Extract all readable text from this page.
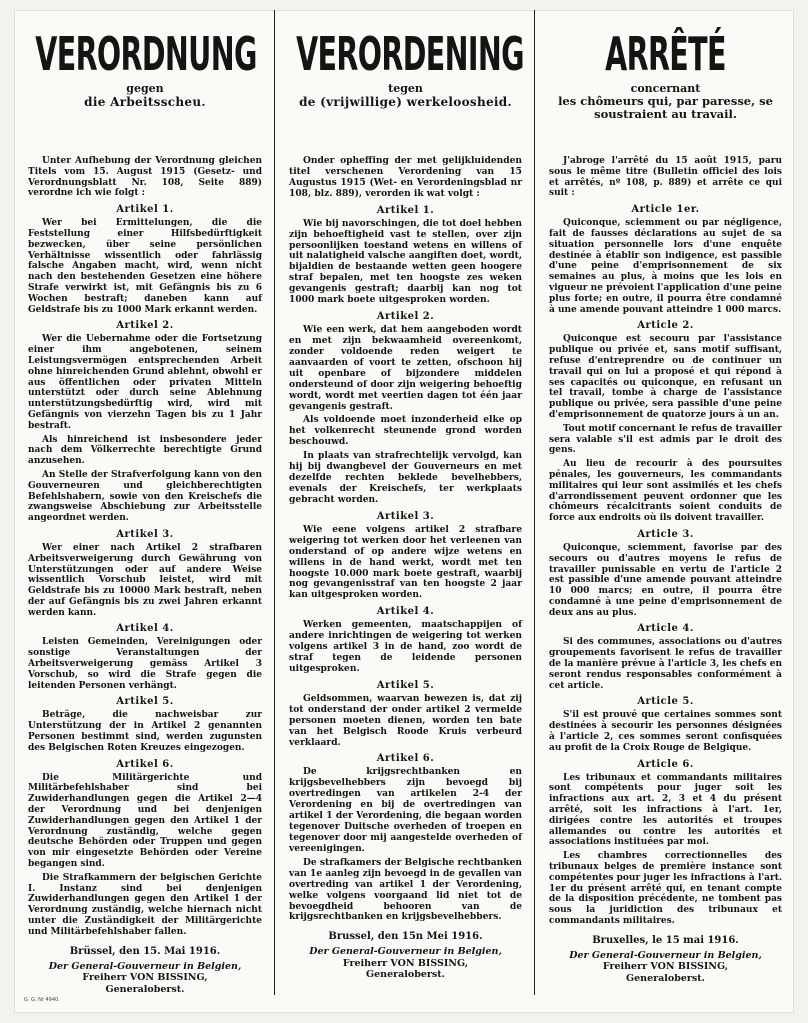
VERORDNUNG
gegen
die Arbeitsscheu.

Unter Aufhebung der Verordnung gleichen Titels vom 15. August 1915 (Gesetz- und Verordnungsblatt Nr. 108, Seite 889) verordne ich wie folgt :

Artikel 1.

Wer bei Ermittelungen, die die Feststellung einer Hilfsbedürftigkeit bezwecken, über seine persönlichen Verhältnisse wissentlich oder fahrlässig falsche Angaben macht, wird, wenn nicht nach den bestehenden Gesetzen eine höhere Strafe verwirkt ist, mit Gefängnis bis zu 6 Wochen bestraft; daneben kann auf Geldstrafe bis zu 1000 Mark erkannt werden.

Artikel 2.

Wer die Uebernahme oder die Fortsetzung einer ihm angebotenen, seinem Leistungsvermögen entsprechenden Arbeit ohne hinreichenden Grund ablehnt, obwohl er aus öffentlichen oder privaten Mitteln unterstützt oder durch seine Ablehnung unterstützungsbedürftig wird, wird mit Gefängnis von vierzehn Tagen bis zu 1 Jahr bestraft.

Als hinreichend ist insbesondere jeder nach dem Völkerrechte berechtigte Grund anzusehen.

An Stelle der Strafverfolgung kann von den Gouverneuren und gleichberechtigten Befehlshabern, sowie von den Kreischefs die zwangsweise Abschiebung zur Arbeitsstelle angeordnet werden.

Artikel 3.

Wer einer nach Artikel 2 strafbaren Arbeitsverweigerung durch Gewährung von Unterstützungen oder auf andere Weise wissentlich Vorschub leistet, wird mit Geldstrafe bis zu 10000 Mark bestraft, neben der auf Gefängnis bis zu zwei Jahren erkannt werden kann.

Artikel 4.

Leisten Gemeinden, Vereinigungen oder sonstige Veranstaltungen der Arbeitsverweigerung gemäss Artikel 3 Vorschub, so wird die Strafe gegen die leitenden Personen verhängt.

Artikel 5.

Beträge, die nachweisbar zur Unterstützung der in Artikel 2 genannten Personen bestimmt sind, werden zugunsten des Belgischen Roten Kreuzes eingezogen.

Artikel 6.

Die Militärgerichte und Militärbefehlshaber sind bei Zuwiderhandlungen gegen die Artikel 2—4 der Verordnung und bei denjenigen Zuwiderhandlungen gegen den Artikel 1 der Verordnung zuständig, welche gegen deutsche Behörden oder Truppen und gegen von mir eingesetzte Behörden oder Vereine begangen sind.

Die Strafkammern der belgischen Gerichte I. Instanz sind bei denjenigen Zuwiderhandlungen gegen den Artikel 1 der Verordnung zuständig, welche hiernach nicht unter die Zuständigkeit der Militärgerichte und Militärbefehlshaber fallen.

Brüssel, den 15. Mai 1916.
Der General-Gouverneur in Belgien,
Freiherr VON BISSING,
Generaloberst.
VERORDENING
tegen
de (vrijwillige) werkeloosheid.

Onder opheffing der met gelijkluidenden titel verschenen Verordening van 15 Augustus 1915 (Wet- en Verordeningsblad nr 108, blz. 889), verorden ik wat volgt :

Artikel 1.

Wie bij navorschingen, die tot doel hebben zijn behoeftigheid vast te stellen, over zijn persoonlijken toestand wetens en willens of uit nalatigheid valsche aangiften doet, wordt, bijaldien de bestaande wetten geen hoogere straf bepalen, met ten hoogste zes weken gevangenis gestraft; daarbij kan nog tot 1000 mark boete uitgesproken worden.

Artikel 2.

Wie een werk, dat hem aangeboden wordt en met zijn bekwaamheid overeenkomt, zonder voldoende reden weigert te aanvaarden of voort te zetten, ofschoon hij uit openbare of bijzondere middelen ondersteund of door zijn weigering behoeftig wordt, wordt met veertien dagen tot één jaar gevangenis gestraft.

Als voldoende moet inzonderheid elke op het volkenrecht steunende grond worden beschouwd.

In plaats van strafrechtelijk vervolgd, kan hij bij dwangbevel der Gouverneurs en met dezelfde rechten beklede bevelhebbers, evenals der Kreischefs, ter werkplaats gebracht worden.

Artikel 3.

Wie eene volgens artikel 2 strafbare weigering tot werken door het verleenen van onderstand of op andere wijze wetens en willens in de hand werkt, wordt met ten hoogste 10.000 mark boete gestraft, waarbij nog gevangenisstraf van ten hoogste 2 jaar kan uitgesproken worden.

Artikel 4.

Werken gemeenten, maatschappijen of andere inrichtingen de weigering tot werken volgens artikel 3 in de hand, zoo wordt de straf tegen de leidende personen uitgesproken.

Artikel 5.

Geldsommen, waarvan bewezen is, dat zij tot onderstand der onder artikel 2 vermelde personen moeten dienen, worden ten bate van het Belgisch Roode Kruis verbeurd verklaard.

Artikel 6.

De krijgsrechtbanken en krijgsbevelhebbers zijn bevoegd bij overtredingen van artikelen 2-4 der Verordening en bij de overtredingen van artikel 1 der Verordening, die begaan worden tegenover Duitsche overheden of troepen en tegenover door mij aangestelde overheden of vereenigingen.

De strafkamers der Belgische rechtbanken van 1e aanleg zijn bevoegd in de gevallen van overtreding van artikel 1 der Verordening, welke volgens voorgaand lid niet tot de bevoegdheid behooren van de krijgsrechtbanken en krijgsbevelhebbers.

Brussel, den 15n Mei 1916.
Der General-Gouverneur in Belgien,
Freiherr VON BISSING,
Generaloberst.
ARRÊTÉ
concernant
les chômeurs qui, par paresse, se soustraient au travail.

J'abroge l'arrêté du 15 août 1915, paru sous le même titre (Bulletin officiel des lois et arrêtés, nº 108, p. 889) et arrête ce qui suit :

Article 1er.

Quiconque, sciemment ou par négligence, fait de fausses déclarations au sujet de sa situation personnelle lors d'une enquête destinée à établir son indigence, est passible d'une peine d'emprisonnement de six semaines au plus, à moins que les lois en vigueur ne prévoient l'application d'une peine plus forte; en outre, il pourra être condamné à une amende pouvant atteindre 1 000 marcs.

Article 2.

Quiconque est secouru par l'assistance publique ou privée et, sans motif suffisant, refuse d'entreprendre ou de continuer un travail qui on lui a proposé et qui répond à ses capacités ou quiconque, en refusant un tel travail, tombe à charge de l'assistance publique ou privée, sera passible d'une peine d'emprisonnement de quatorze jours à un an.

Tout motif concernant le refus de travailler sera valable s'il est admis par le droit des gens.

Au lieu de recourir à des poursuites pénales, les gouverneurs, les commandants militaires qui leur sont assimilés et les chefs d'arrondissement peuvent ordonner que les chômeurs récalcitrants soient conduits de force aux endroits où ils doivent travailler.

Article 3.

Quiconque, sciemment, favorise par des secours ou d'autres moyens le refus de travailler punissable en vertu de l'article 2 est passible d'une amende pouvant atteindre 10 000 marcs; en outre, il pourra être condamné à une peine d'emprisonnement de deux ans au plus.

Article 4.

Si des communes, associations ou d'autres groupements favorisent le refus de travailler de la manière prévue à l'article 3, les chefs en seront rendus responsables conformément à cet article.

Article 5.

S'il est prouvé que certaines sommes sont destinées à secourir les personnes désignées à l'article 2, ces sommes seront confisquées au profit de la Croix Rouge de Belgique.

Article 6.

Les tribunaux et commandants militaires sont compétents pour juger soit les infractions aux art. 2, 3 et 4 du présent arrêté, soit les infractions à l'art. 1er, dirigées contre les autorités et troupes allemandes ou contre les autorités et associations instituées par moi.

Les chambres correctionnelles des tribunaux belges de première instance sont compétentes pour juger les infractions à l'art. 1er du présent arrêté qui, en tenant compte de la disposition précédente, ne tombent pas sous la juridiction des tribunaux et commandants militaires.

Bruxelles, le 15 mai 1916.
Der General-Gouverneur in Belgien,
Freiherr VON BISSING,
Generaloberst.
G. G. Nr 4940.
